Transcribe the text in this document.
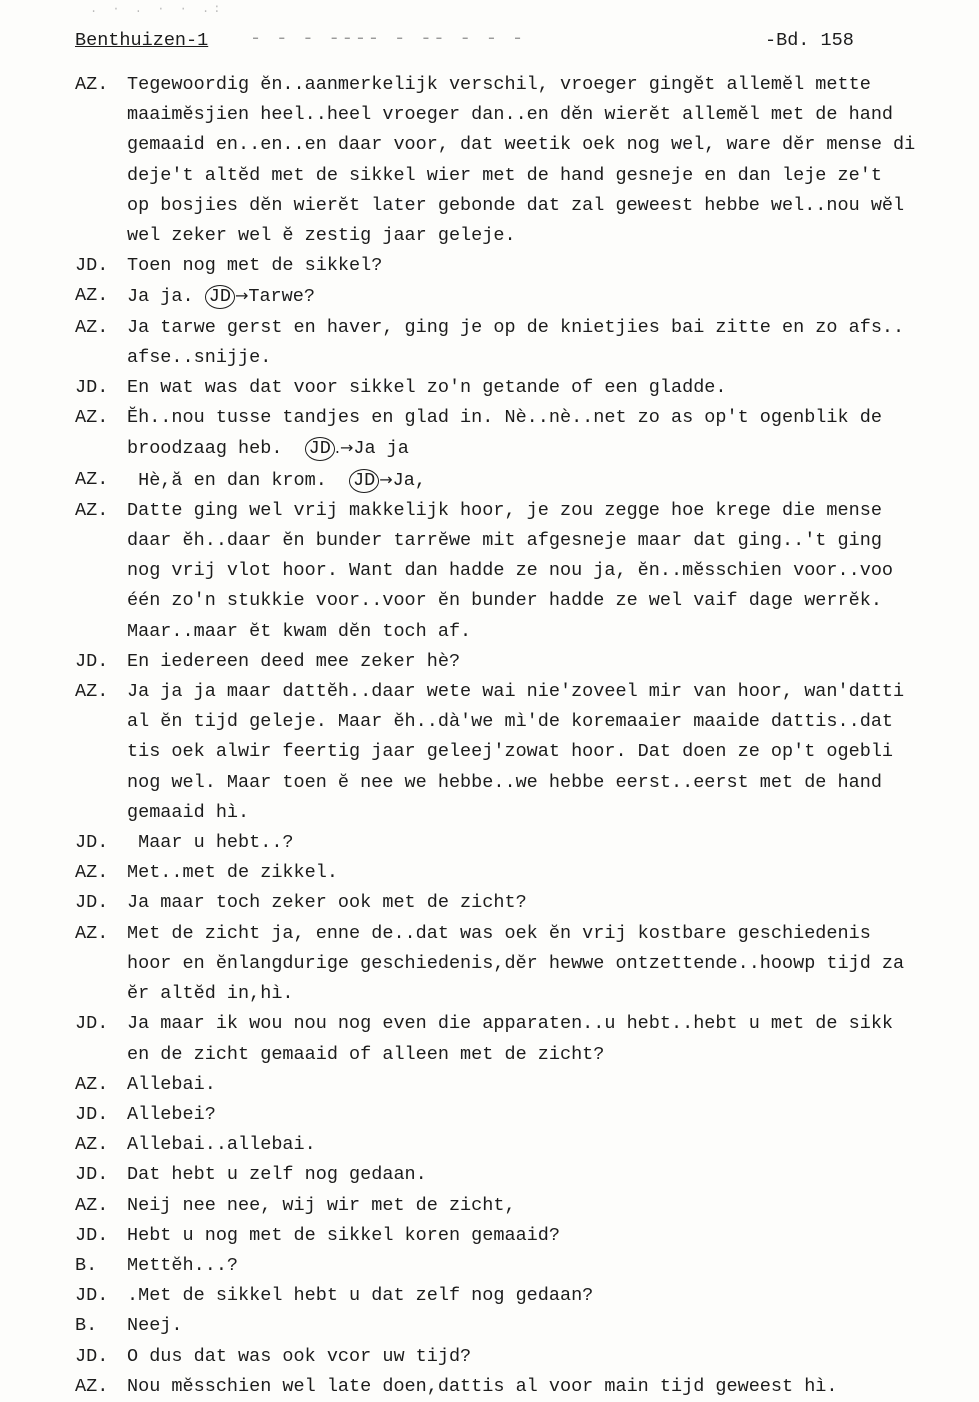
. · . · · .:
Benthuizen-1 - - - ---- - -- - - -	-Bd. 158
AZ.	Tegewoordig ĕn..aanmerkelijk verschil, vroeger gingĕt allemĕl mette
maaimĕsjien heel..heel vroeger dan..en dĕn wierĕt allemĕl met de hand
gemaaid en..en..en daar voor, dat weetik oek nog wel, ware dĕr mense di
deje't altĕd met de sikkel wier met de hand gesneje en dan leje ze't
op bosjies dĕn wierĕt later gebonde dat zal geweest hebbe wel..nou wĕl
wel zeker wel ĕ zestig jaar geleje.
JD.	Toen nog met de sikkel?
AZ.	Ja ja. JD →Tarwe?
AZ.	Ja tarwe gerst en haver, ging je op de knietjies bai zitte en zo afs..
afse..snijje.
JD.	En wat was dat voor sikkel zo'n getande of een gladde.
AZ.	Ĕh..nou tusse tandjes en glad in. Nè..nè..net zo as op't ogenblik de
broodzaag heb.  JD .→Ja ja
AZ.	Hè,ă en dan krom.  JD →Ja,
AZ.	Datte ging wel vrij makkelijk hoor, je zou zegge hoe krege die mense
daar ĕh..daar ĕn bunder tarrĕwe mit afgesneje maar dat ging..'t ging
nog vrij vlot hoor. Want dan hadde ze nou ja, ĕn..mĕsschien voor..voo
één zo'n stukkie voor..voor ĕn bunder hadde ze wel vaif dage werrĕk.
Maar..maar ĕt kwam dĕn toch af.
JD.	En iedereen deed mee zeker hè?
AZ.	Ja ja ja maar dattĕh..daar wete wai nie'zoveel mir van hoor, wan'datti
al ĕn tijd geleje. Maar ĕh..dà'we mì'de koremaaier maaide dattis..dat
tis oek alwir feertig jaar geleej'zowat hoor. Dat doen ze op't ogebli
nog wel. Maar toen ĕ nee we hebbe..we hebbe eerst..eerst met de hand
gemaaid hì.
JD.	Maar u hebt..?
AZ.	Met..met de zikkel.
JD.	Ja maar toch zeker ook met de zicht?
AZ.	Met de zicht ja, enne de..dat was oek ĕn vrij kostbare geschiedenis
hoor en ĕnlangdurige geschiedenis,dĕr hewwe ontzettende..hoowp tijd za
ĕr altĕd in,hì.
JD.	Ja maar ik wou nou nog even die apparaten..u hebt..hebt u met de sikk
en de zicht gemaaid of alleen met de zicht?
AZ.	Allebai.
JD.	Allebei?
AZ.	Allebai..allebai.
JD.	Dat hebt u zelf nog gedaan.
AZ.	Neij nee nee, wij wir met de zicht,
JD.	Hebt u nog met de sikkel koren gemaaid?
B.	Mettĕh...?
JD.	.Met de sikkel hebt u dat zelf nog gedaan?
B.	Neej.
JD.	O dus dat was ook vcor uw tijd?
AZ.	Nou mĕsschien wel late doen,dattis al voor main tijd geweest hì.
